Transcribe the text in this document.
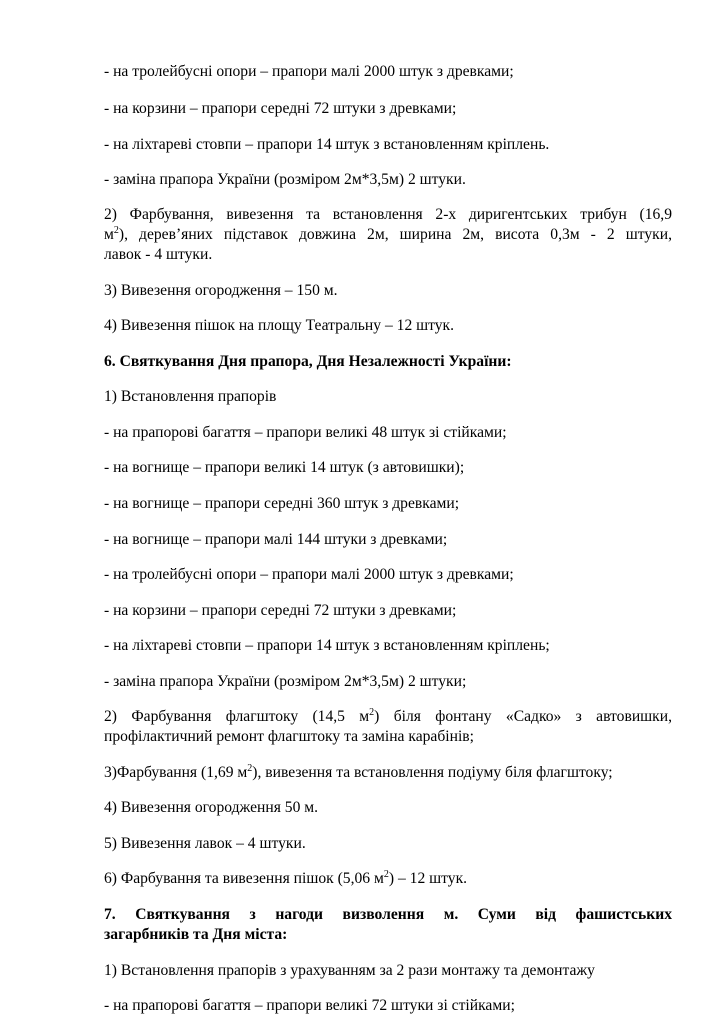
- на тролейбусні опори – прапори малі 2000 штук з древками;
- на корзини – прапори середні 72 штуки з древками;
- на ліхтареві стовпи – прапори 14 штук з встановленням кріплень.
- заміна прапора України (розміром 2м*3,5м) 2 штуки.
2) Фарбування, вивезення та встановлення 2-х диригентських трибун (16,9
$м^2$), дерев’яних підставок довжина 2м, ширина 2м, висота 0,3м - 2 штуки,
лавок - 4 штуки.
3) Вивезення огородження – 150 м.
4) Вивезення пішок на площу Театральну – 12 штук.
6. Святкування Дня прапора, Дня Незалежності України:
1) Встановлення прапорів
- на прапорові багаття – прапори великі 48 штук зі стійками;
- на вогнище – прапори великі 14 штук (з автовишки);
- на вогнище – прапори середні 360 штук з древками;
- на вогнище – прапори малі 144 штуки з древками;
- на тролейбусні опори – прапори малі 2000 штук з древками;
- на корзини – прапори середні 72 штуки з древками;
- на ліхтареві стовпи – прапори 14 штук з встановленням кріплень;
- заміна прапора України (розміром 2м*3,5м) 2 штуки;
2) Фарбування флагштоку (14,5 $м^2$) біля фонтану «Садко» з автовишки,
профілактичний ремонт флагштоку та заміна карабінів;
3)Фарбування (1,69 $м^2$), вивезення та встановлення подіуму біля флагштоку;
4) Вивезення огородження 50 м.
5) Вивезення лавок – 4 штуки.
6) Фарбування та вивезення пішок (5,06 $м^2) - 12$ штук.
7. Святкування з нагоди визволення м. Суми від фашистських
загарбників та Дня міста:
1) Встановлення прапорів з урахуванням за 2 рази монтажу та демонтажу
- на прапорові багаття – прапори великі 72 штуки зі стійками;
